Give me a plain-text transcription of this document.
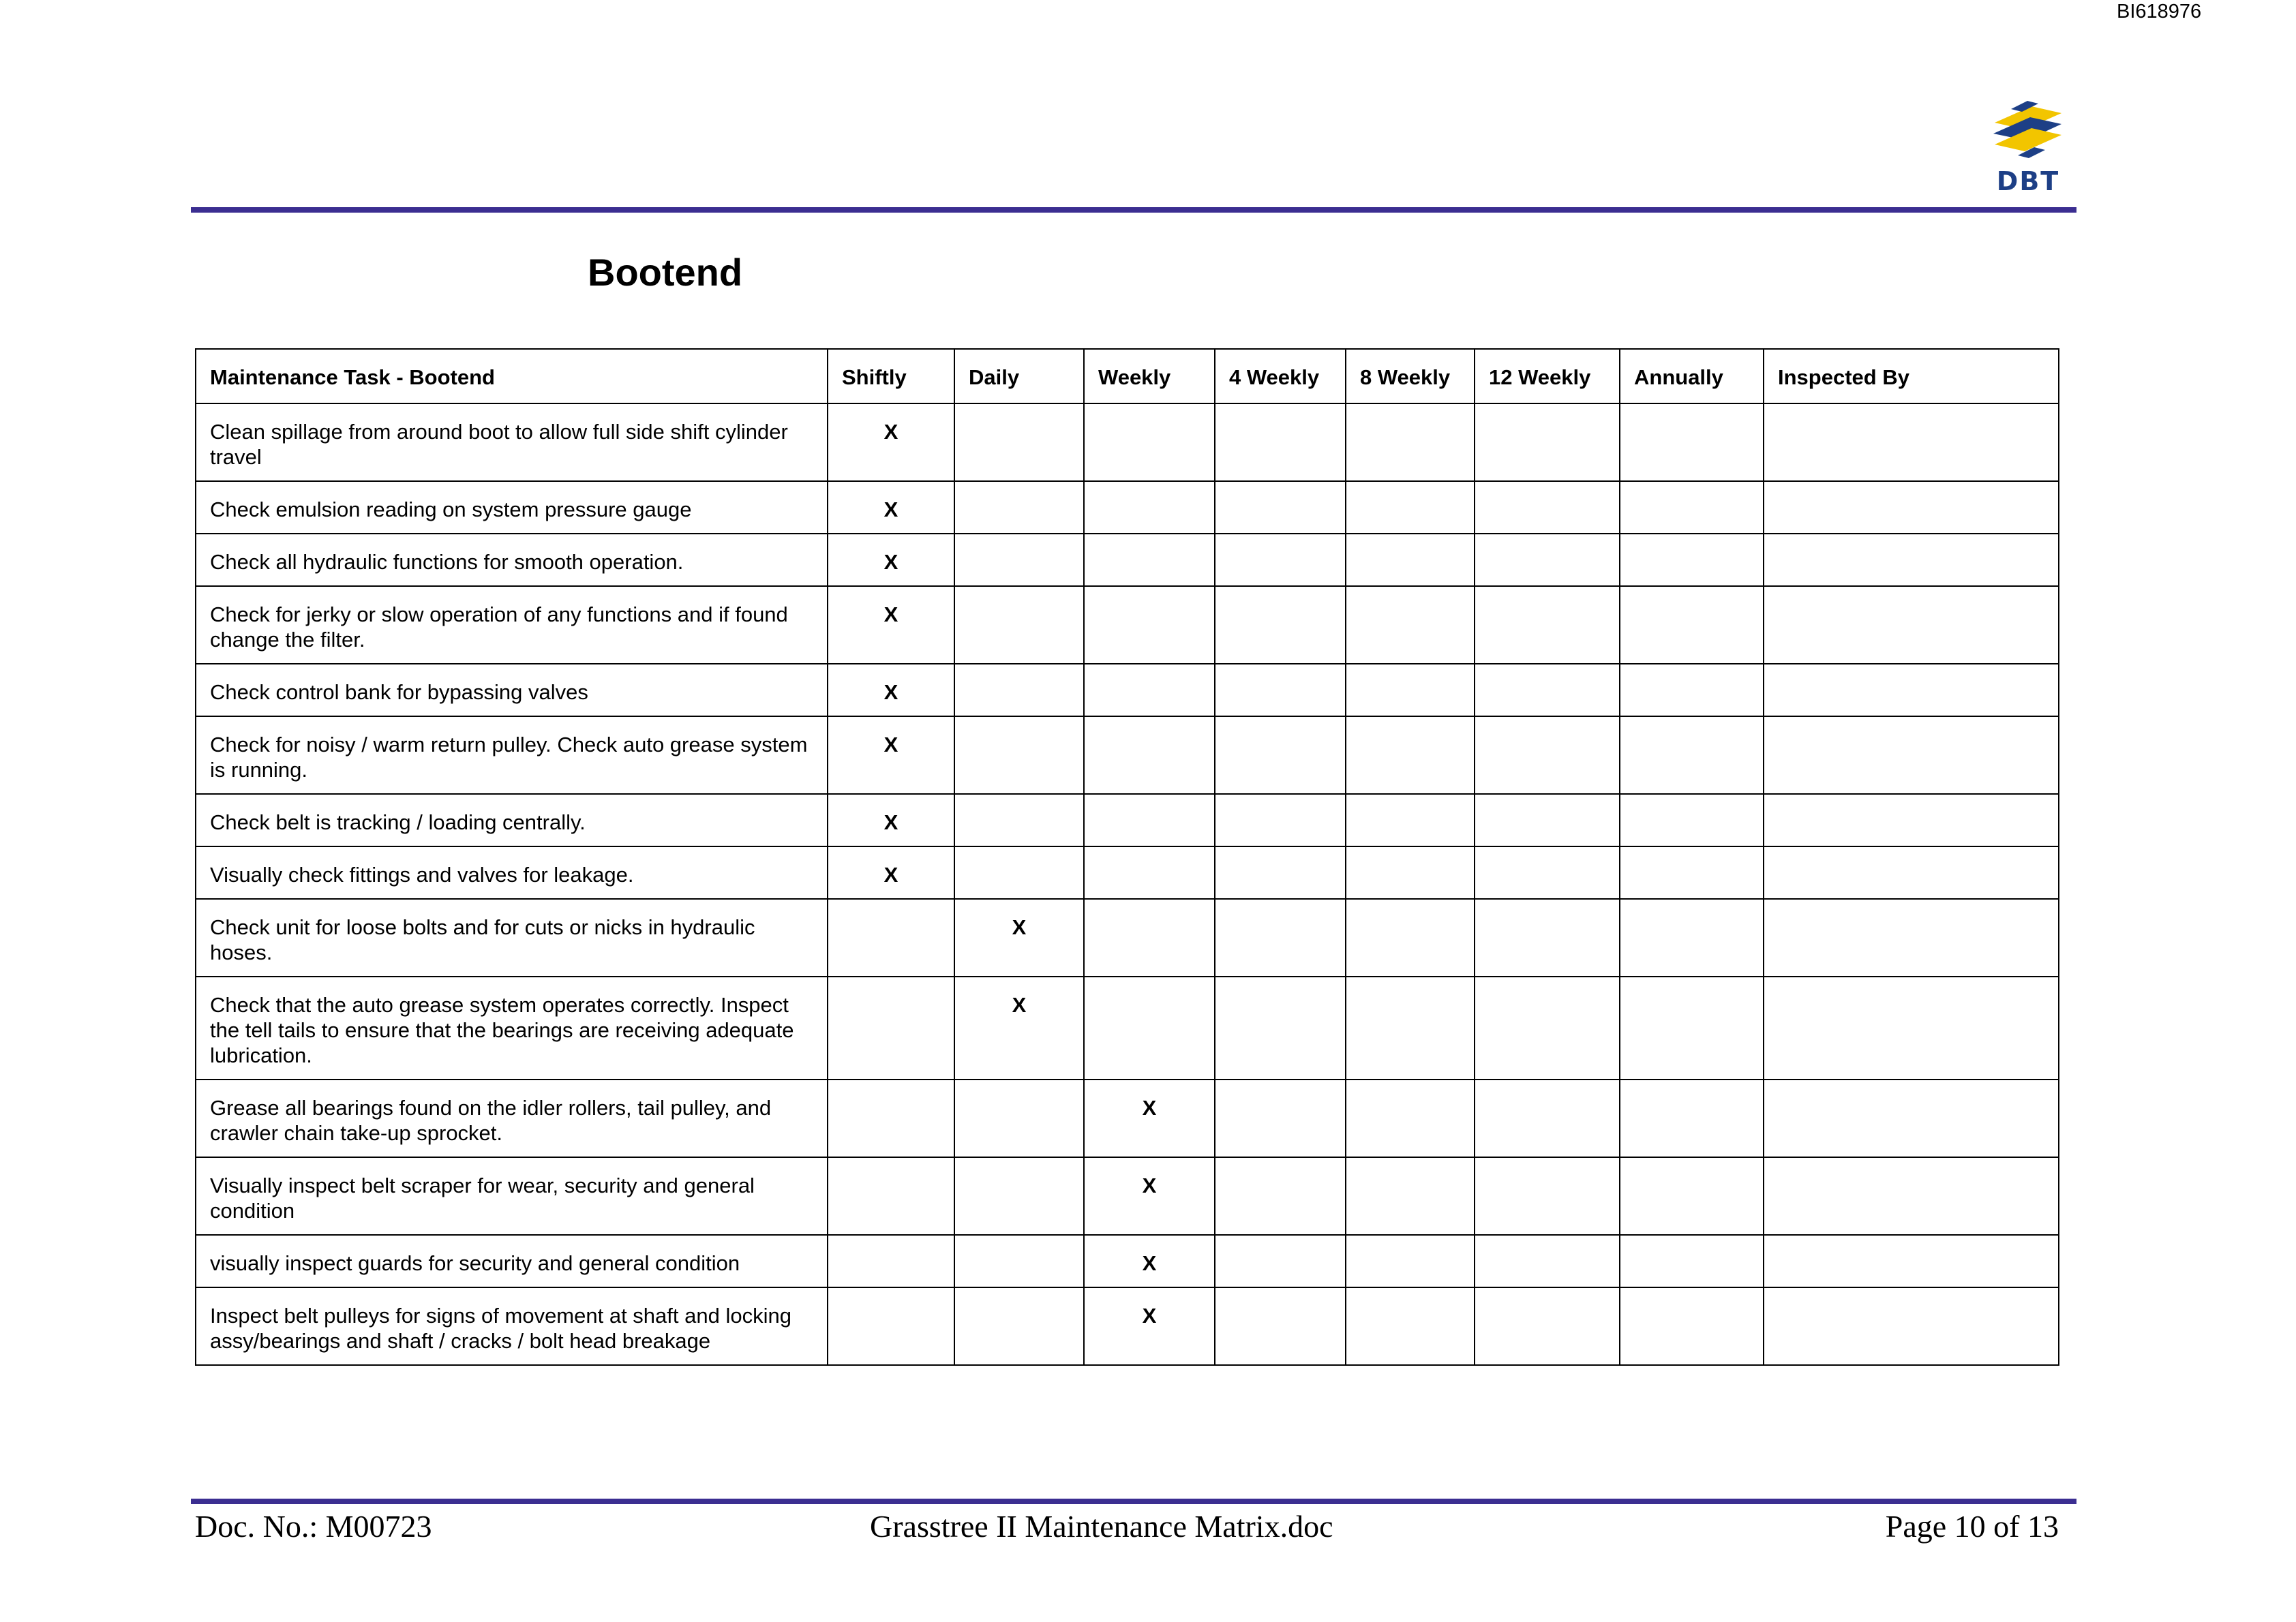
BI618976
DBT
Bootend
Maintenance Task - Bootend	Shiftly	Daily	Weekly	4 Weekly	8 Weekly	12 Weekly	Annually	Inspected By
Clean spillage from around boot to allow full side shift cylinder travel	X							
Check emulsion reading on system pressure gauge	X							
Check all hydraulic functions for smooth operation.	X							
Check for jerky or slow operation of any functions and if found change the filter.	X							
Check control bank for bypassing valves	X							
Check for noisy / warm return pulley. Check auto grease system is running.	X							
Check belt is tracking / loading centrally.	X							
Visually check fittings and valves for leakage.	X							
Check unit for loose bolts and for cuts or nicks in hydraulic hoses.		X						
Check that the auto grease system operates correctly. Inspect the tell tails to ensure that the bearings are receiving adequate lubrication.		X						
Grease all bearings found on the idler rollers, tail pulley, and crawler chain take-up sprocket.			X					
Visually inspect belt scraper for wear, security and general condition			X					
visually inspect guards for security and general condition			X					
Inspect belt pulleys for signs of movement at shaft and locking assy/bearings and shaft / cracks / bolt head breakage			X					
Doc. No.: M00723	Grasstree II Maintenance Matrix.doc	Page 10 of 13
